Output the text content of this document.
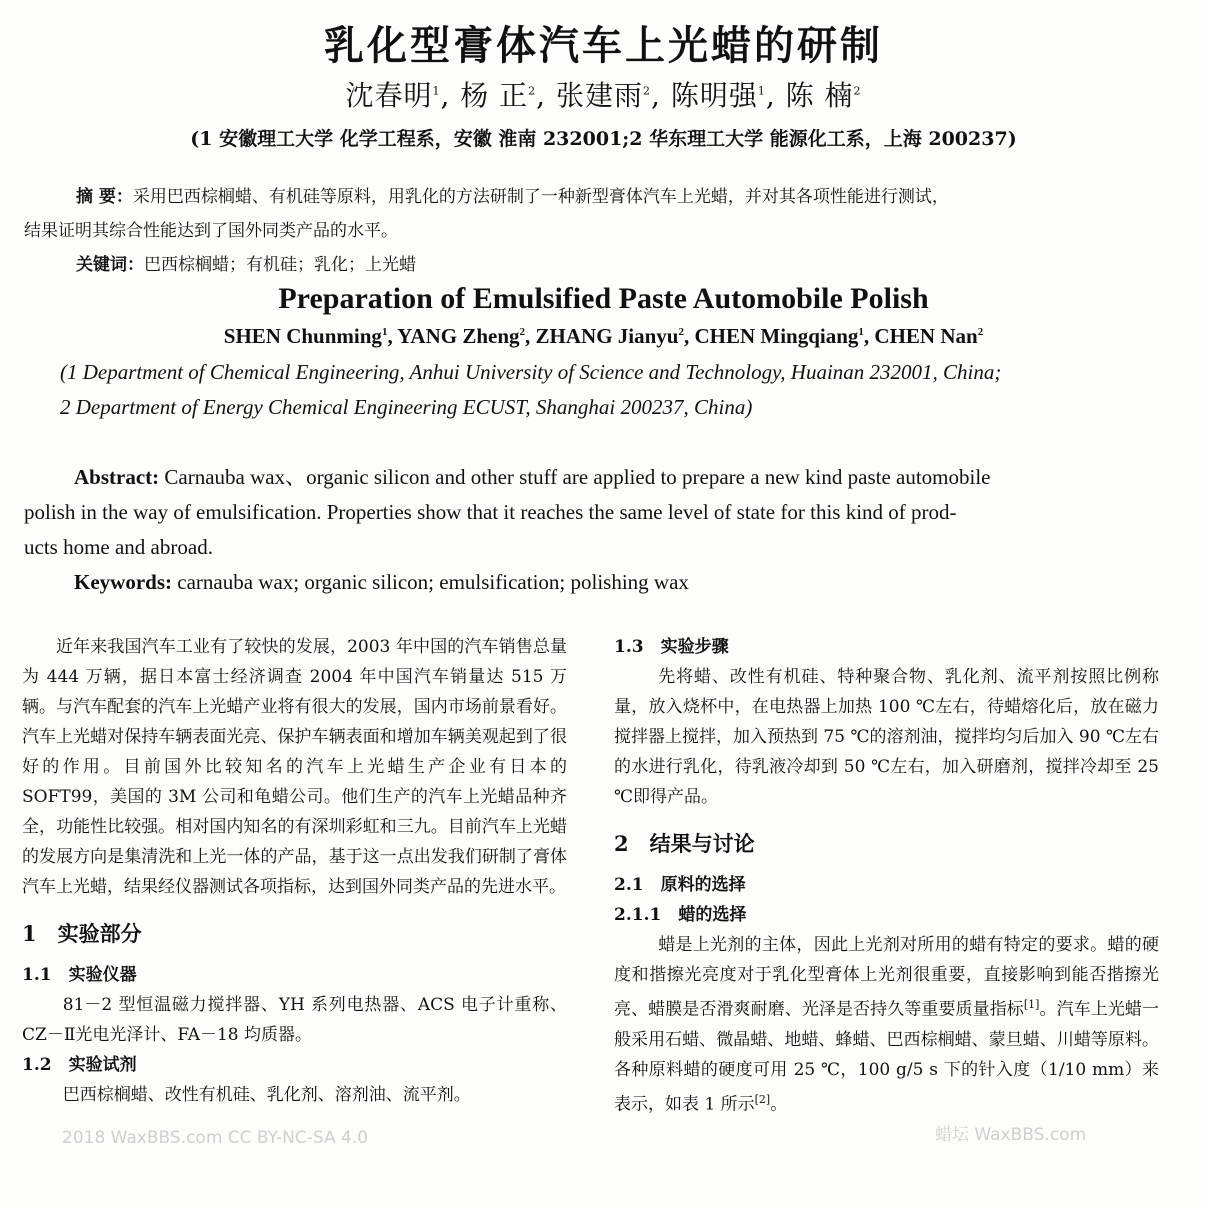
乳化型膏体汽车上光蜡的研制
沈春明$^1$, 杨 正$^2$, 张建雨$^2$, 陈明强$^1$, 陈 楠$^2$
(1 安徽理工大学 化学工程系，安徽 淮南 232001;2 华东理工大学 能源化工系，上海 200237)
摘 要：采用巴西棕榈蜡、有机硅等原料，用乳化的方法研制了一种新型膏体汽车上光蜡，并对其各项性能进行测试，
结果证明其综合性能达到了国外同类产品的水平。
关键词：巴西棕榈蜡；有机硅；乳化；上光蜡
Preparation of Emulsified Paste Automobile Polish
SHEN Chunming$^1$, YANG Zheng$^2$, ZHANG Jianyu$^2$, CHEN Mingqiang$^1$, CHEN Nan$^2$
(1 Department of Chemical Engineering, Anhui University of Science and Technology, Huainan 232001, China;
2 Department of Energy Chemical Engineering ECUST, Shanghai 200237, China)
Abstract: Carnauba wax、organic silicon and other stuff are applied to prepare a new kind paste automobile
polish in the way of emulsification. Properties show that it reaches the same level of state for this kind of prod-
ucts home and abroad.
Keywords: carnauba wax; organic silicon; emulsification; polishing wax

近年来我国汽车工业有了较快的发展，2003 年中国的汽车销售总量为 444 万辆，据日本富士经济调查 2004 年中国汽车销量达 515 万辆。与汽车配套的汽车上光蜡产业将有很大的发展，国内市场前景看好。汽车上光蜡对保持车辆表面光亮、保护车辆表面和增加车辆美观起到了很好的作用。目前国外比较知名的汽车上光蜡生产企业有日本的SOFT99，美国的 3M 公司和龟蜡公司。他们生产的汽车上光蜡品种齐全，功能性比较强。相对国内知名的有深圳彩虹和三九。目前汽车上光蜡的发展方向是集清洗和上光一体的产品，基于这一点出发我们研制了膏体汽车上光蜡，结果经仪器测试各项指标，达到国外同类产品的先进水平。

1　实验部分
1.1　实验仪器

81－2 型恒温磁力搅拌器、YH 系列电热器、ACS 电子计重称、CZ－Ⅱ光电光泽计、FA－18 均质器。

1.2　实验试剂

巴西棕榈蜡、改性有机硅、乳化剂、溶剂油、流平剂。

1.3　实验步骤

先将蜡、改性有机硅、特种聚合物、乳化剂、流平剂按照比例称量，放入烧杯中，在电热器上加热 100 ℃左右，待蜡熔化后，放在磁力搅拌器上搅拌，加入预热到 75 ℃的溶剂油，搅拌均匀后加入 90 ℃左右的水进行乳化，待乳液冷却到 50 ℃左右，加入研磨剂，搅拌冷却至 25 ℃即得产品。

2　结果与讨论
2.1　原料的选择
2.1.1　蜡的选择

蜡是上光剂的主体，因此上光剂对所用的蜡有特定的要求。蜡的硬度和揩擦光亮度对于乳化型膏体上光剂很重要，直接影响到能否揩擦光亮、蜡膜是否滑爽耐磨、光泽是否持久等重要质量指标[1]。汽车上光蜡一般采用石蜡、微晶蜡、地蜡、蜂蜡、巴西棕榈蜡、蒙旦蜡、川蜡等原料。各种原料蜡的硬度可用 25 ℃，100 g/5 s 下的针入度（1/10 mm）来表示，如表 1 所示[2]。

2018 WaxBBS.com CC BY-NC-SA 4.0	蜡坛 WaxBBS.com
